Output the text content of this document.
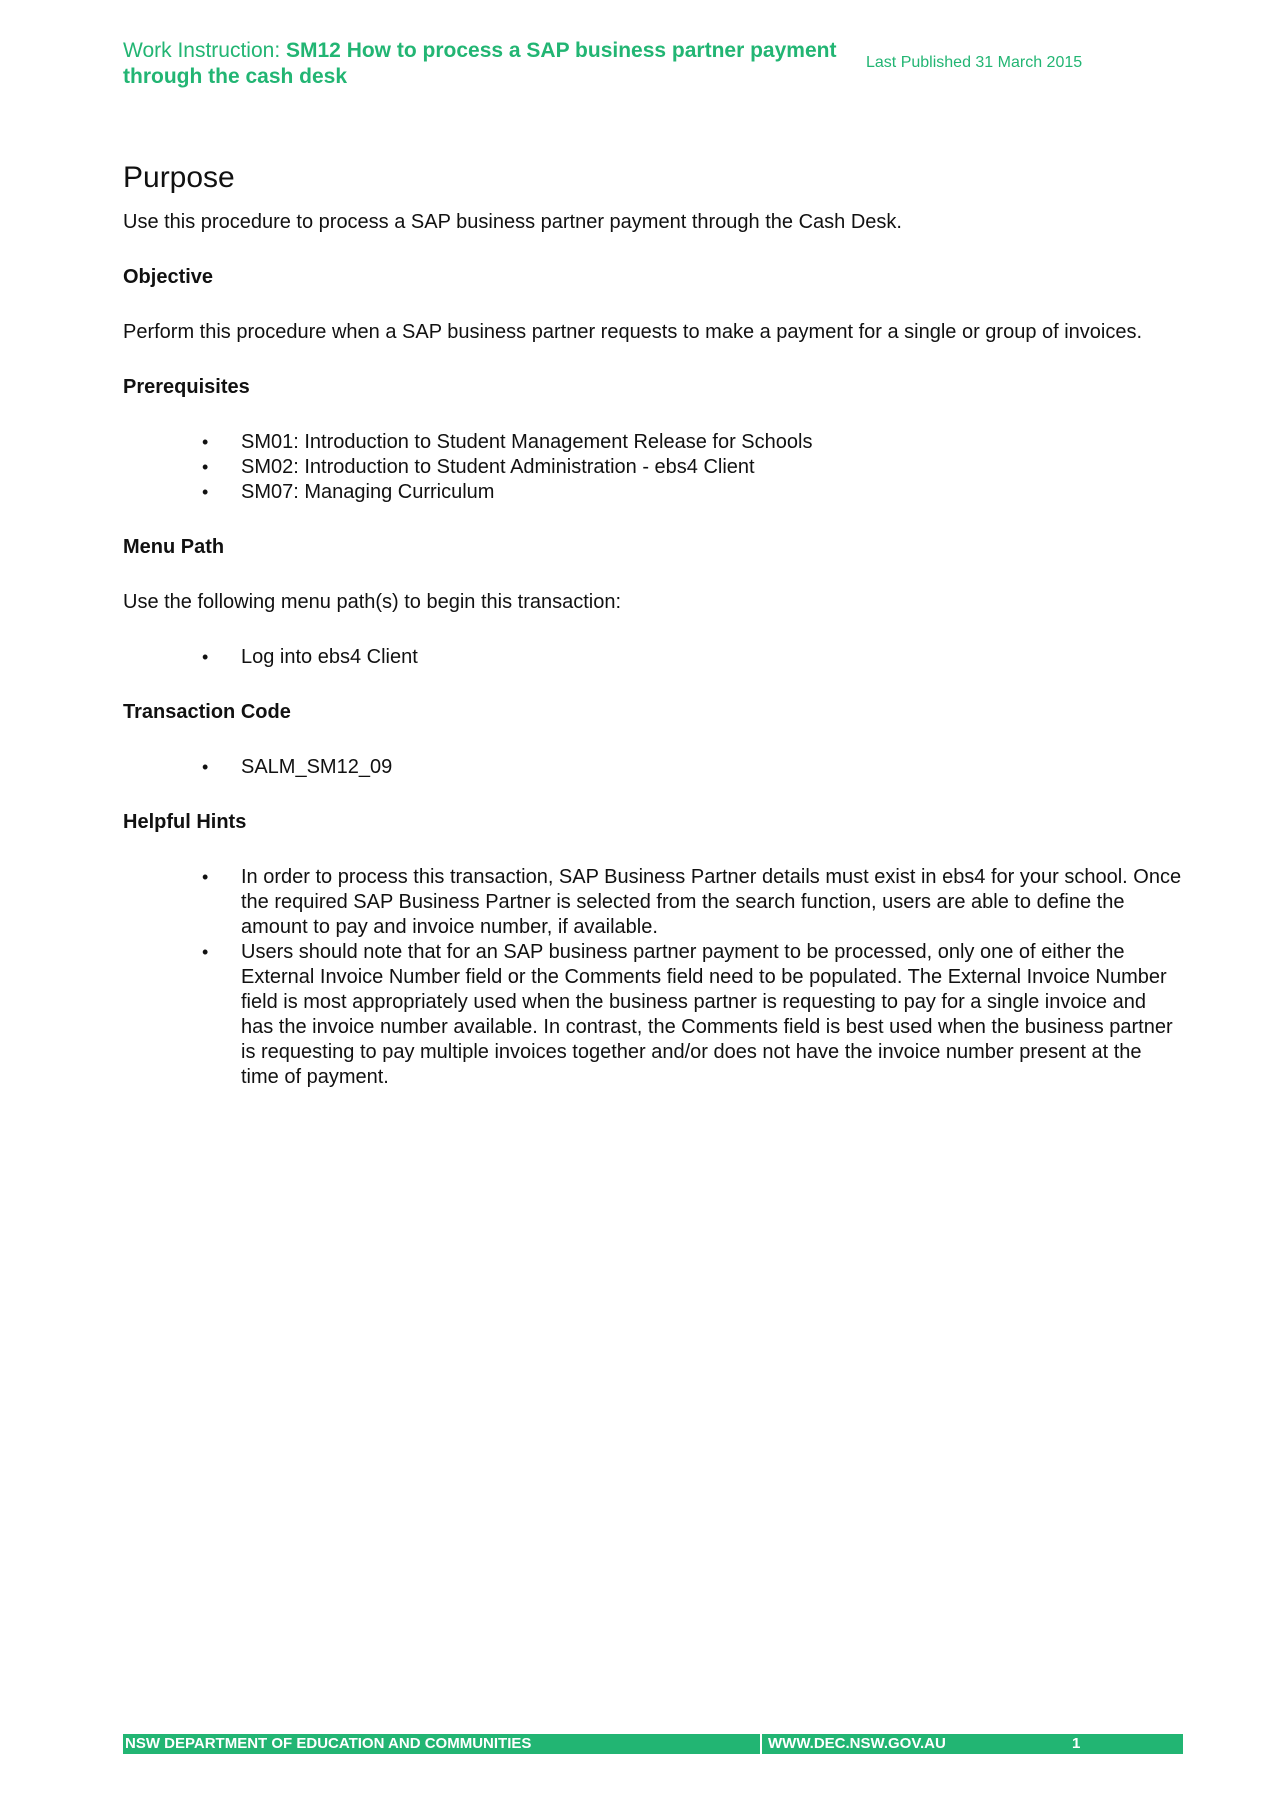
Work Instruction: SM12 How to process a SAP business partner payment through the cash desk
Last Published 31 March 2015
Purpose

Use this procedure to process a SAP business partner payment through the Cash Desk.

Objective

Perform this procedure when a SAP business partner requests to make a payment for a single or group of invoices.

Prerequisites
• SM01: Introduction to Student Management Release for Schools
• SM02: Introduction to Student Administration - ebs4 Client
• SM07: Managing Curriculum
Menu Path

Use the following menu path(s) to begin this transaction:

• Log into ebs4 Client
Transaction Code
• SALM_SM12_09
Helpful Hints
• In order to process this transaction, SAP Business Partner details must exist in ebs4 for your school. Once the required SAP Business Partner is selected from the search function, users are able to define the amount to pay and invoice number, if available.
• Users should note that for an SAP business partner payment to be processed, only one of either the External Invoice Number field or the Comments field need to be populated. The External Invoice Number field is most appropriately used when the business partner is requesting to pay for a single invoice and has the invoice number available. In contrast, the Comments field is best used when the business partner is requesting to pay multiple invoices together and/or does not have the invoice number present at the time of payment.
NSW DEPARTMENT OF EDUCATION AND COMMUNITIES	WWW.DEC.NSW.GOV.AU	1
